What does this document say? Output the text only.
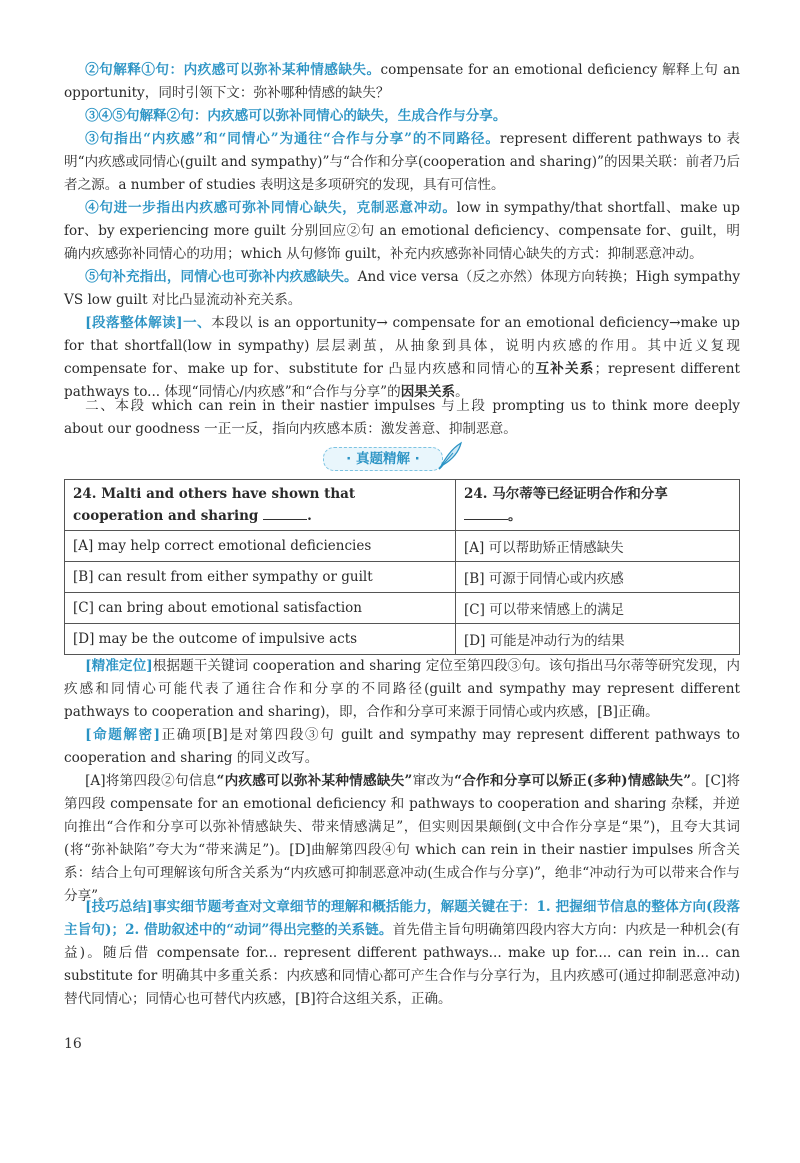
②句解释①句：内疚感可以弥补某种情感缺失。compensate for an emotional deficiency 解释上句 an opportunity，同时引领下文：弥补哪种情感的缺失？

③④⑤句解释②句：内疚感可以弥补同情心的缺失，生成合作与分享。

③句指出“内疚感”和“同情心”为通往“合作与分享”的不同路径。represent different pathways to 表明“内疚感或同情心(guilt and sympathy)”与“合作和分享(cooperation and sharing)”的因果关联：前者乃后者之源。a number of studies 表明这是多项研究的发现，具有可信性。

④句进一步指出内疚感可弥补同情心缺失，克制恶意冲动。low in sympathy/that shortfall、make up for、by experiencing more guilt 分别回应②句 an emotional deficiency、compensate for、guilt，明确内疚感弥补同情心的功用；which 从句修饰 guilt，补充内疚感弥补同情心缺失的方式：抑制恶意冲动。

⑤句补充指出，同情心也可弥补内疚感缺失。And vice versa（反之亦然）体现方向转换；High sympathy VS low guilt 对比凸显流动补充关系。

[段落整体解读]一、本段以 is an opportunity→ compensate for an emotional deficiency→make up for that shortfall(low in sympathy) 层层剥茧，从抽象到具体，说明内疚感的作用。其中近义复现 compensate for、make up for、substitute for 凸显内疚感和同情心的互补关系；represent different pathways to... 体现“同情心/内疚感”和“合作与分享”的因果关系。

二、本段 which can rein in their nastier impulses 与上段 prompting us to think more deeply about our goodness 一正一反，指向内疚感本质：激发善意、抑制恶意。

· 真题精解 ·
24. Malti and others have shown that cooperation and sharing .	24. 马尔蒂等已经证明合作和分享
。
[A] may help correct emotional deficiencies	[A] 可以帮助矫正情感缺失
[B] can result from either sympathy or guilt	[B] 可源于同情心或内疚感
[C] can bring about emotional satisfaction	[C] 可以带来情感上的满足
[D] may be the outcome of impulsive acts	[D] 可能是冲动行为的结果

[精准定位]根据题干关键词 cooperation and sharing 定位至第四段③句。该句指出马尔蒂等研究发现，内疚感和同情心可能代表了通往合作和分享的不同路径(guilt and sympathy may represent different pathways to cooperation and sharing)，即，合作和分享可来源于同情心或内疚感，[B]正确。

[命题解密]正确项[B]是对第四段③句 guilt and sympathy may represent different pathways to cooperation and sharing 的同义改写。

[A]将第四段②句信息“内疚感可以弥补某种情感缺失”窜改为“合作和分享可以矫正(多种)情感缺失”。[C]将第四段 compensate for an emotional deficiency 和 pathways to cooperation and sharing 杂糅，并逆向推出“合作和分享可以弥补情感缺失、带来情感满足”，但实则因果颠倒(文中合作分享是“果”)，且夸大其词(将“弥补缺陷”夸大为“带来满足”)。[D]曲解第四段④句 which can rein in their nastier impulses 所含关系：结合上句可理解该句所含关系为“内疚感可抑制恶意冲动(生成合作与分享)”，绝非“冲动行为可以带来合作与分享”。

[技巧总结]事实细节题考查对文章细节的理解和概括能力，解题关键在于：1. 把握细节信息的整体方向(段落主旨句)；2. 借助叙述中的“动词”得出完整的关系链。首先借主旨句明确第四段内容大方向：内疚是一种机会(有益)。随后借 compensate for... represent different pathways... make up for.... can rein in... can substitute for 明确其中多重关系：内疚感和同情心都可产生合作与分享行为，且内疚感可(通过抑制恶意冲动)替代同情心；同情心也可替代内疚感，[B]符合这组关系，正确。

16
